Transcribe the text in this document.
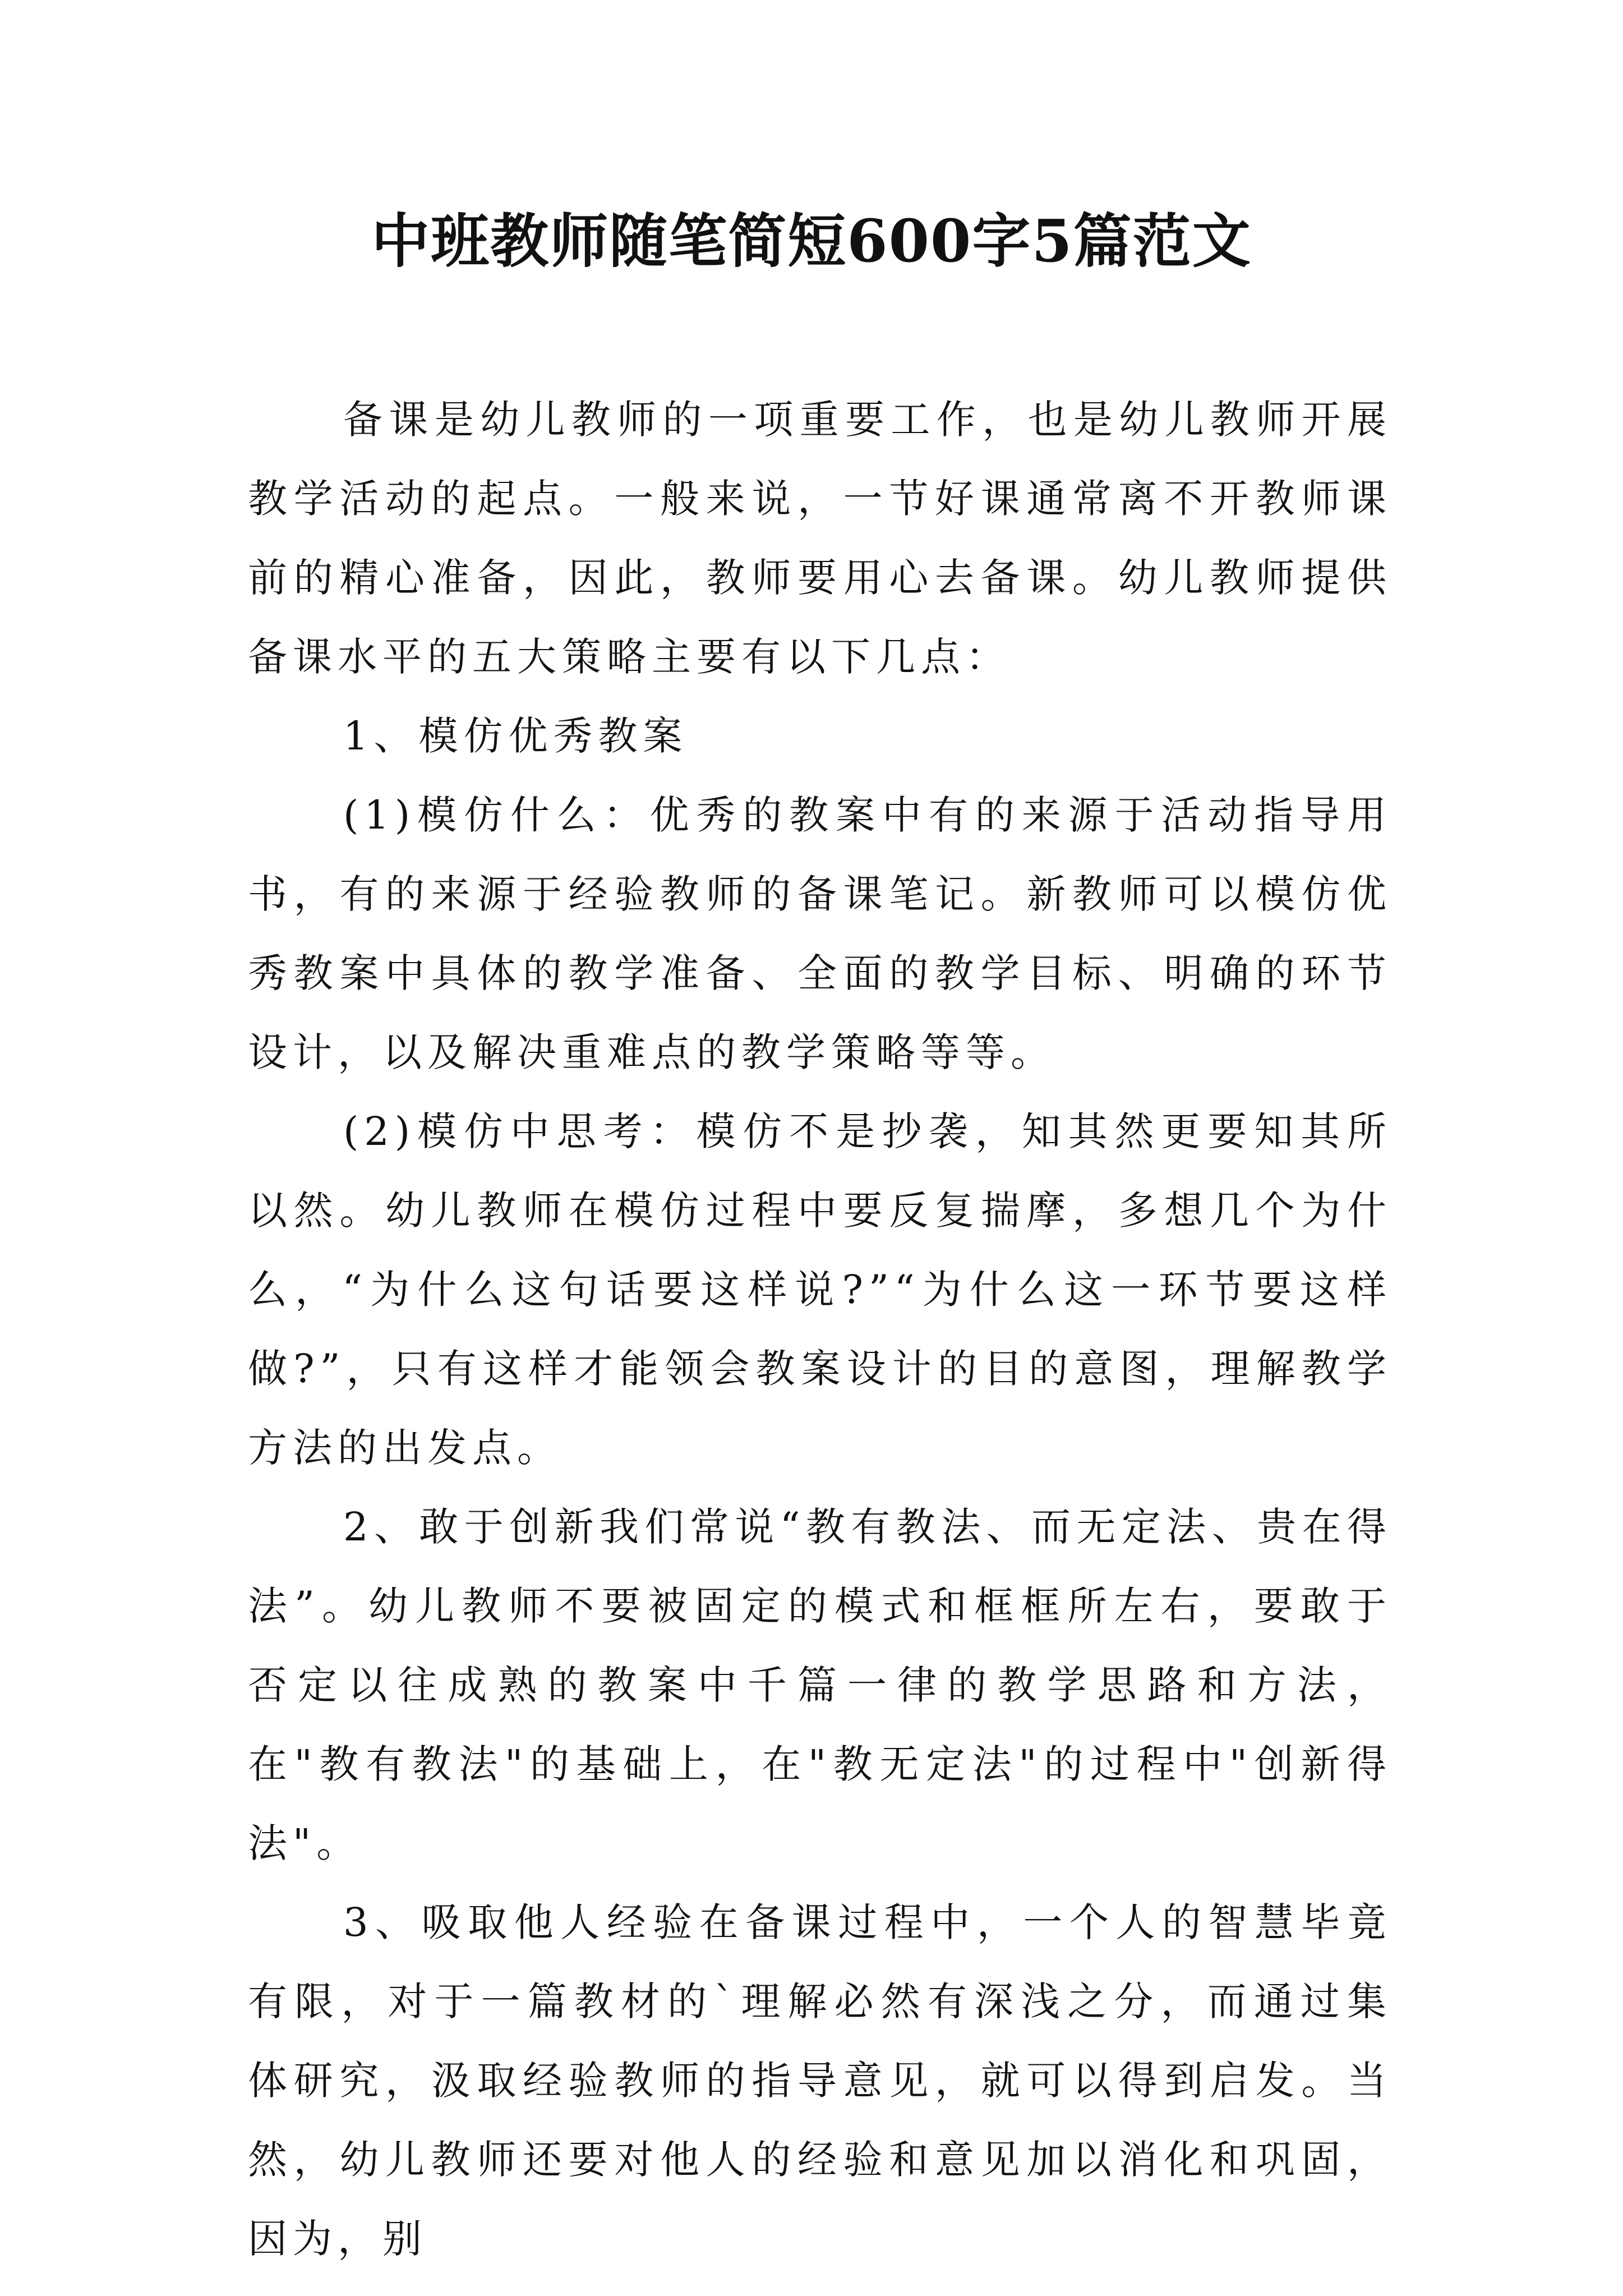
中班教师随笔简短600字5篇范文

备课是幼儿教师的一项重要工作，也是幼儿教师开展教学活动的起点。一般来说，一节好课通常离不开教师课前的精心准备，因此，教师要用心去备课。幼儿教师提供备课水平的五大策略主要有以下几点：

1、模仿优秀教案

(1)模仿什么：优秀的教案中有的来源于活动指导用书，有的来源于经验教师的备课笔记。新教师可以模仿优秀教案中具体的教学准备、全面的教学目标、明确的环节设计，以及解决重难点的教学策略等等。

(2)模仿中思考：模仿不是抄袭，知其然更要知其所以然。幼儿教师在模仿过程中要反复揣摩，多想几个为什么，“为什么这句话要这样说?”“为什么这一环节要这样做?”，只有这样才能领会教案设计的目的意图，理解教学方法的出发点。

2、敢于创新我们常说“教有教法、而无定法、贵在得法”。幼儿教师不要被固定的模式和框框所左右，要敢于否定以往成熟的教案中千篇一律的教学思路和方法，在"教有教法"的基础上，在"教无定法"的过程中"创新得法"。

3、吸取他人经验在备课过程中，一个人的智慧毕竟有限，对于一篇教材的`理解必然有深浅之分，而通过集体研究，汲取经验教师的指导意见，就可以得到启发。当然，幼儿教师还要对他人的经验和意见加以消化和巩固，因为，别
